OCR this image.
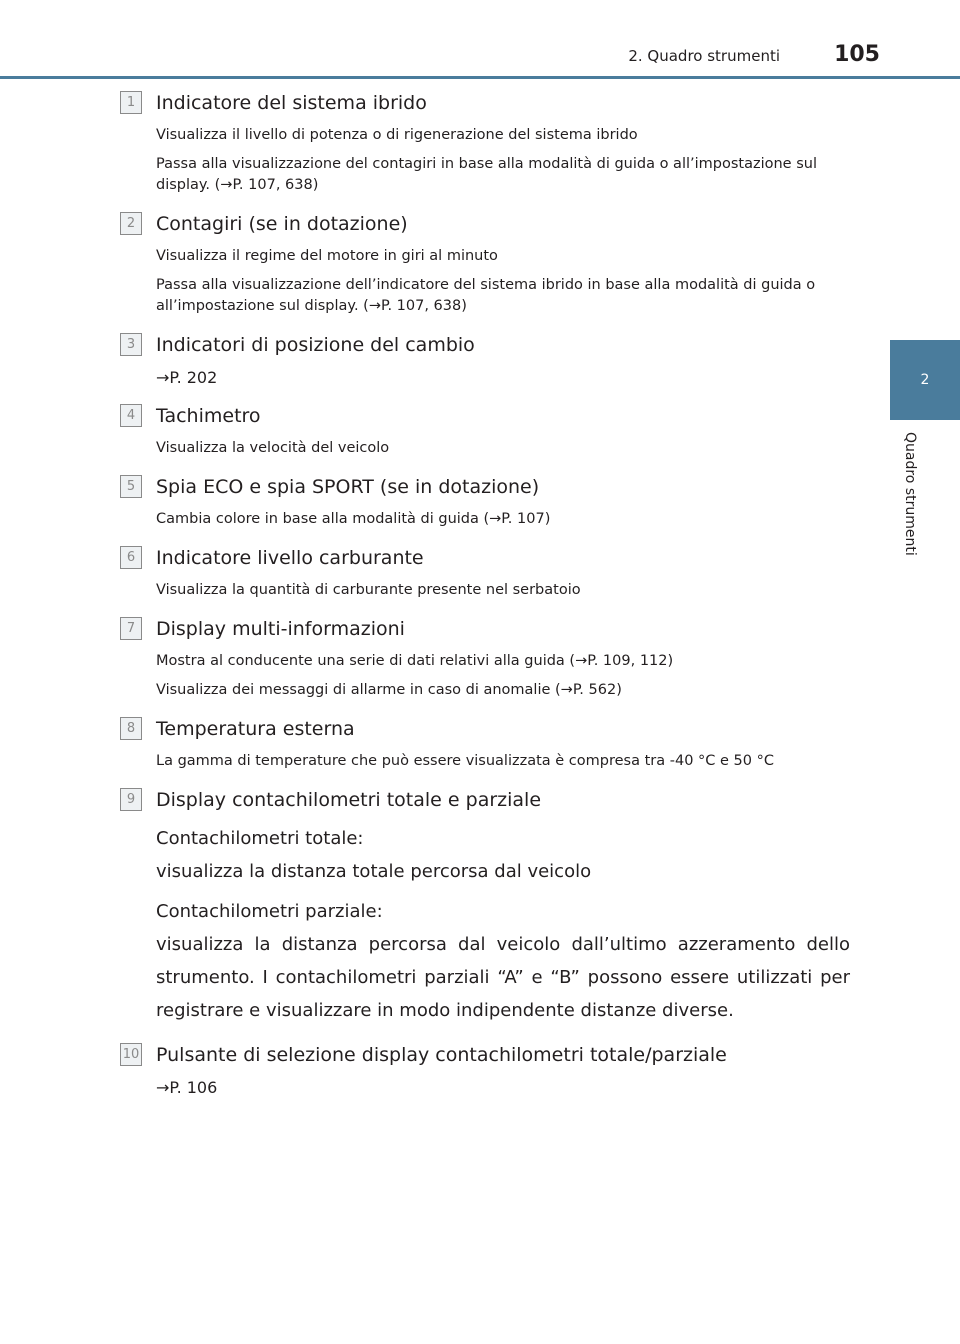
2. Quadro strumenti 105
2
Quadro strumenti
1	Indicatore del sistema ibrido
Visualizza il livello di potenza o di rigenerazione del sistema ibrido
Passa alla visualizzazione del contagiri in base alla modalità di guida o all’impostazione sul display. (→P. 107, 638)
2	Contagiri (se in dotazione)
Visualizza il regime del motore in giri al minuto
Passa alla visualizzazione dell’indicatore del sistema ibrido in base alla modalità di guida o all’impostazione sul display. (→P. 107, 638)
3	Indicatori di posizione del cambio
→P. 202
4	Tachimetro
Visualizza la velocità del veicolo
5	Spia ECO e spia SPORT (se in dotazione)
Cambia colore in base alla modalità di guida (→P. 107)
6	Indicatore livello carburante
Visualizza la quantità di carburante presente nel serbatoio
7	Display multi-informazioni
Mostra al conducente una serie di dati relativi alla guida (→P. 109, 112)
Visualizza dei messaggi di allarme in caso di anomalie (→P. 562)
8	Temperatura esterna
La gamma di temperature che può essere visualizzata è compresa tra -40 °C e 50 °C
9	Display contachilometri totale e parziale
Contachilometri totale:
visualizza la distanza totale percorsa dal veicolo
Contachilometri parziale:
visualizza la distanza percorsa dal veicolo dall’ultimo azzeramento dello strumento. I contachilometri parziali “A” e “B” possono essere utilizzati per registrare e visualizzare in modo indipendente distanze diverse.
10 Pulsante di selezione display contachilometri totale/parziale
→P. 106
